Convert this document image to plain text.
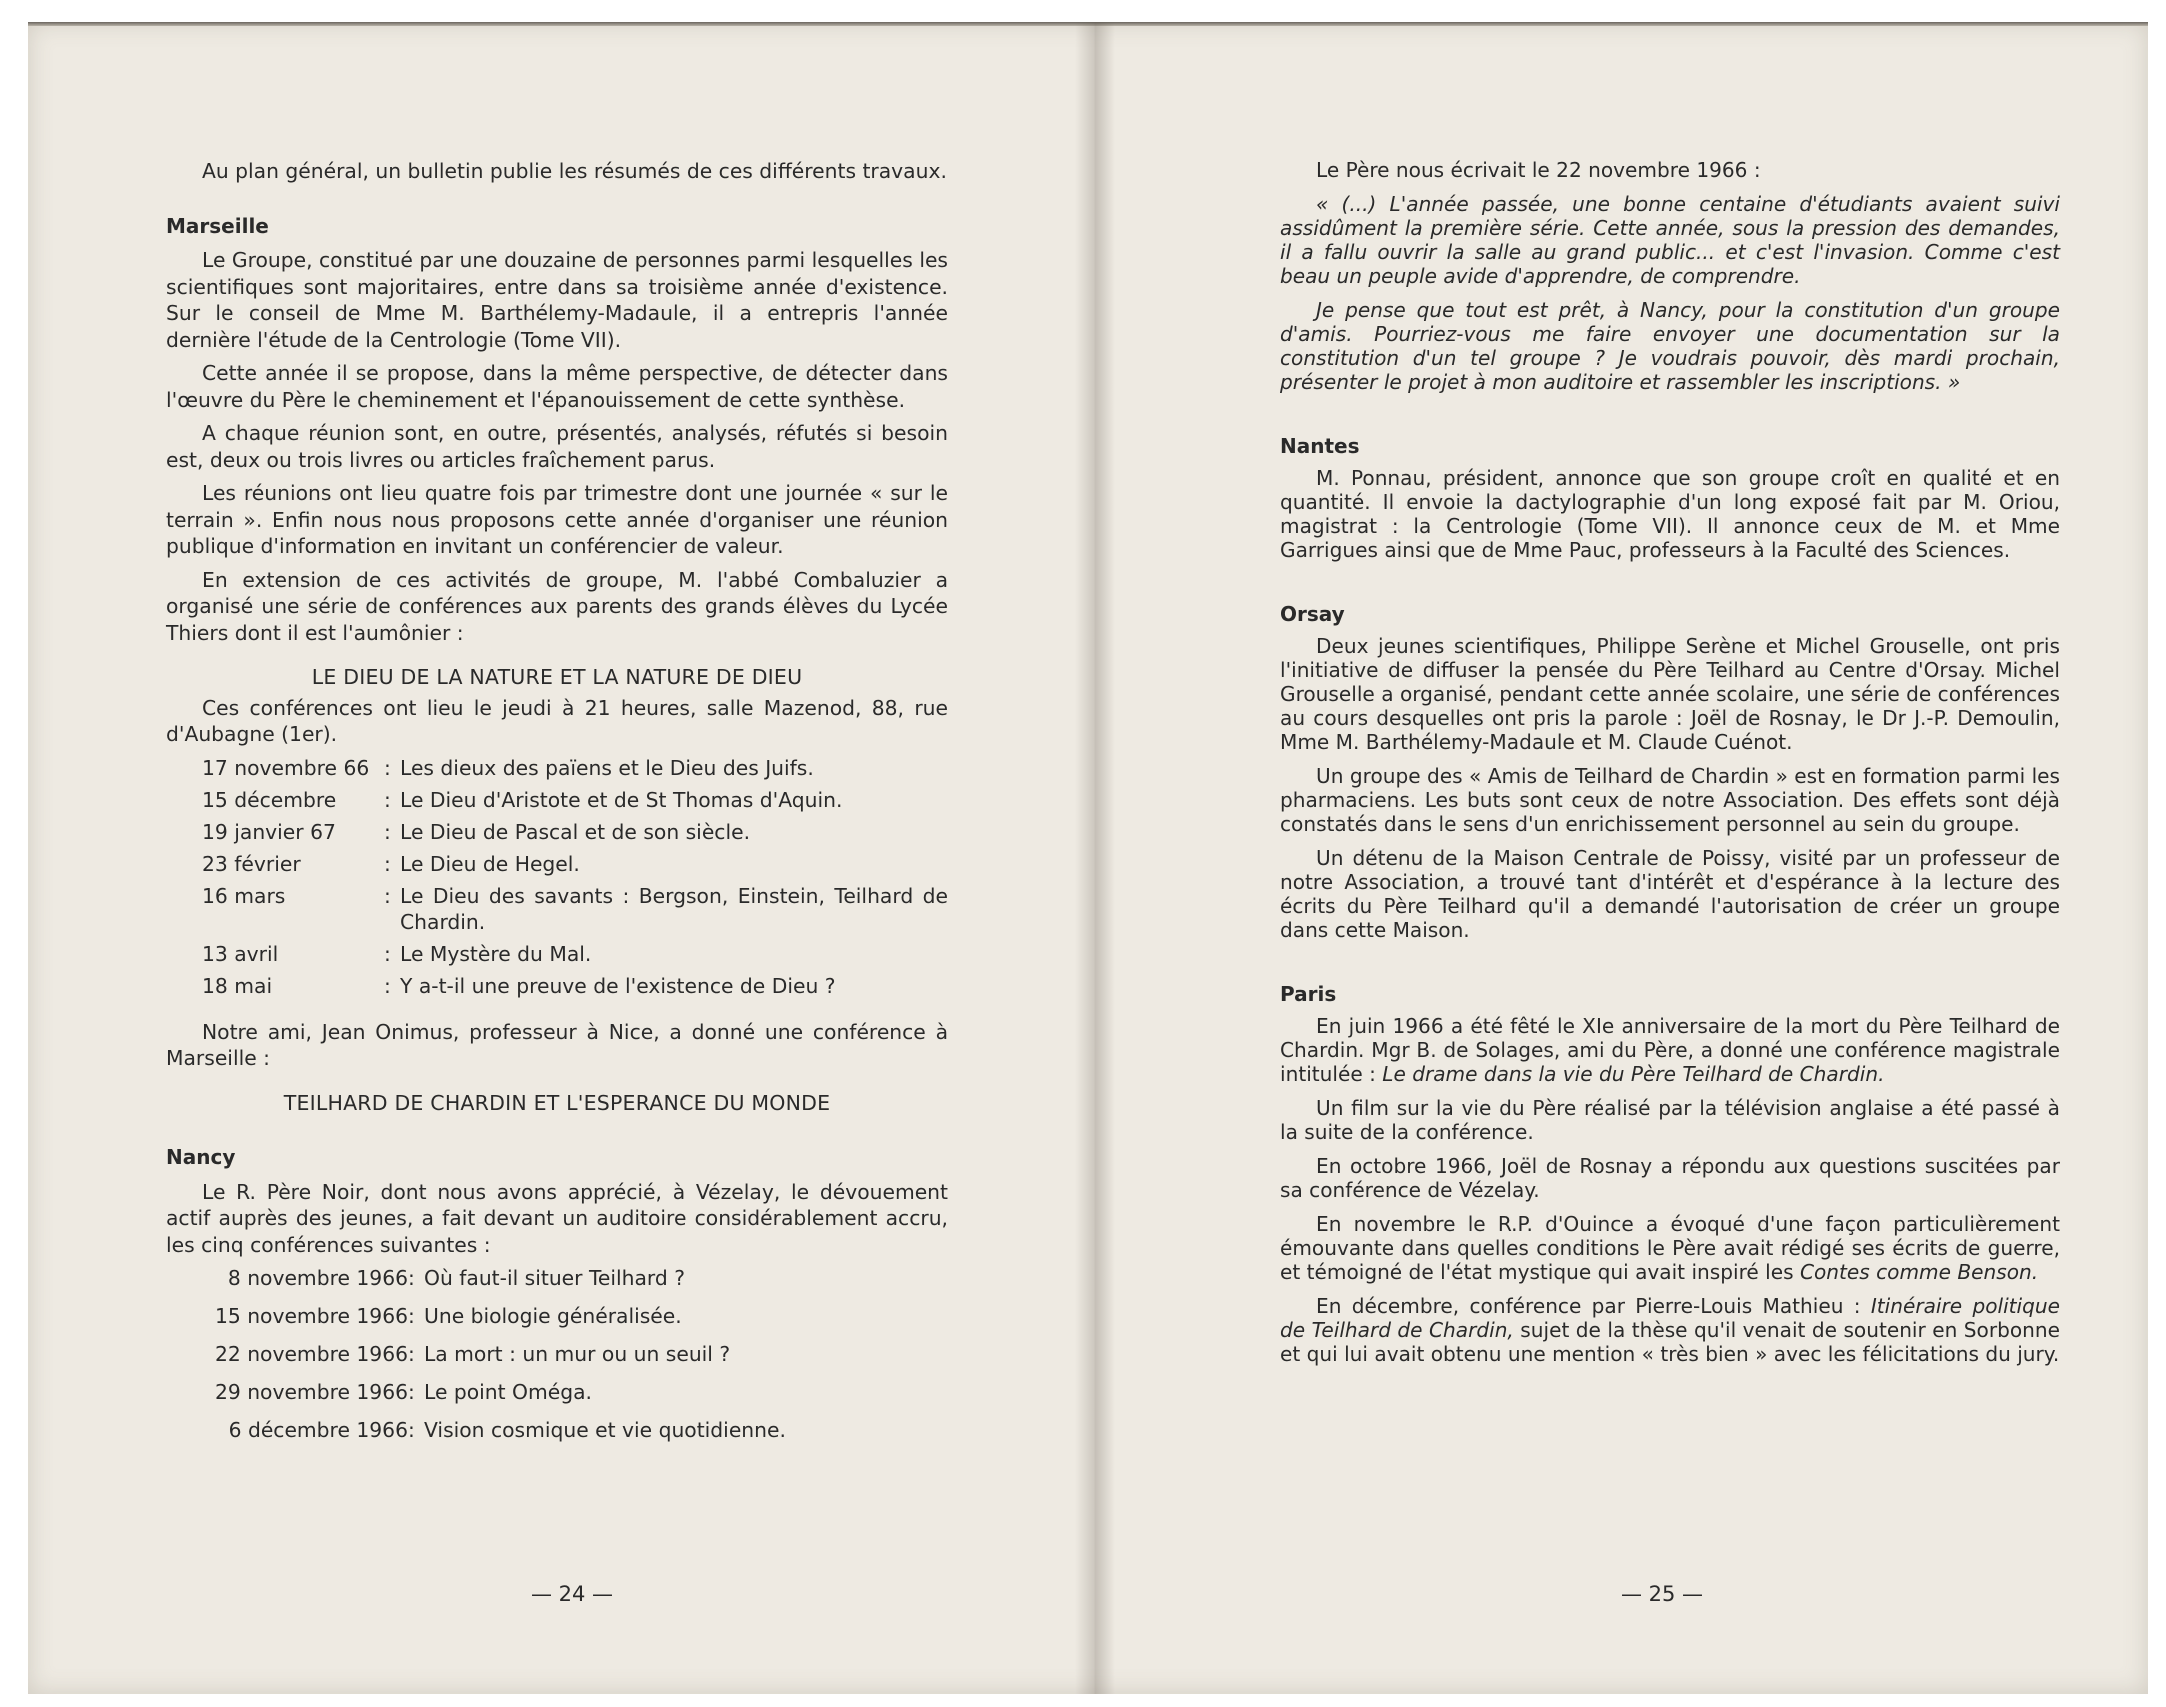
Au plan général, un bulletin publie les résumés de ces différents travaux.

Marseille

Le Groupe, constitué par une douzaine de personnes parmi lesquelles les scientifiques sont majoritaires, entre dans sa troisième année d'existence. Sur le conseil de Mme M. Barthélemy-Madaule, il a entrepris l'année dernière l'étude de la Centrologie (Tome VII).

Cette année il se propose, dans la même perspective, de détecter dans l'œuvre du Père le cheminement et l'épanouissement de cette synthèse.

A chaque réunion sont, en outre, présentés, analysés, réfutés si besoin est, deux ou trois livres ou articles fraîchement parus.

Les réunions ont lieu quatre fois par trimestre dont une journée « sur le terrain ». Enfin nous nous proposons cette année d'organiser une réunion publique d'information en invitant un conférencier de valeur.

En extension de ces activités de groupe, M. l'abbé Combaluzier a organisé une série de conférences aux parents des grands élèves du Lycée Thiers dont il est l'aumônier :

LE DIEU DE LA NATURE ET LA NATURE DE DIEU

Ces conférences ont lieu le jeudi à 21 heures, salle Mazenod, 88, rue d'Aubagne (1er).

17 novembre 66	:	Les dieux des païens et le Dieu des Juifs.
15 décembre	:	Le Dieu d'Aristote et de St Thomas d'Aquin.
19 janvier 67	:	Le Dieu de Pascal et de son siècle.
23 février	:	Le Dieu de Hegel.
16 mars	:	Le Dieu des savants : Bergson, Einstein, Teilhard de Chardin.
13 avril	:	Le Mystère du Mal.
18 mai	:	Y a-t-il une preuve de l'existence de Dieu ?

Notre ami, Jean Onimus, professeur à Nice, a donné une conférence à Marseille :

TEILHARD DE CHARDIN ET L'ESPERANCE DU MONDE
Nancy

Le R. Père Noir, dont nous avons apprécié, à Vézelay, le dévouement actif auprès des jeunes, a fait devant un auditoire considérablement accru, les cinq conférences suivantes :

8 novembre 1966	:	Où faut-il situer Teilhard ?
15 novembre 1966	:	Une biologie généralisée.
22 novembre 1966	:	La mort : un mur ou un seuil ?
29 novembre 1966	:	Le point Oméga.
6 décembre 1966	:	Vision cosmique et vie quotidienne.
— 24 —

Le Père nous écrivait le 22 novembre 1966 :

« (...) L'année passée, une bonne centaine d'étudiants avaient suivi assidûment la première série. Cette année, sous la pression des demandes, il a fallu ouvrir la salle au grand public... et c'est l'invasion. Comme c'est beau un peuple avide d'apprendre, de comprendre.

Je pense que tout est prêt, à Nancy, pour la constitution d'un groupe d'amis. Pourriez-vous me faire envoyer une documentation sur la constitution d'un tel groupe ? Je voudrais pouvoir, dès mardi prochain, présenter le projet à mon auditoire et rassembler les inscriptions. »

Nantes

M. Ponnau, président, annonce que son groupe croît en qualité et en quantité. Il envoie la dactylographie d'un long exposé fait par M. Oriou, magistrat : la Centrologie (Tome VII). Il annonce ceux de M. et Mme Garrigues ainsi que de Mme Pauc, professeurs à la Faculté des Sciences.

Orsay

Deux jeunes scientifiques, Philippe Serène et Michel Grouselle, ont pris l'initiative de diffuser la pensée du Père Teilhard au Centre d'Orsay. Michel Grouselle a organisé, pendant cette année scolaire, une série de conférences au cours desquelles ont pris la parole : Joël de Rosnay, le Dr J.-P. Demoulin, Mme M. Barthélemy-Madaule et M. Claude Cuénot.

Un groupe des « Amis de Teilhard de Chardin » est en formation parmi les pharmaciens. Les buts sont ceux de notre Association. Des effets sont déjà constatés dans le sens d'un enrichissement personnel au sein du groupe.

Un détenu de la Maison Centrale de Poissy, visité par un professeur de notre Association, a trouvé tant d'intérêt et d'espérance à la lecture des écrits du Père Teilhard qu'il a demandé l'autorisation de créer un groupe dans cette Maison.

Paris

En juin 1966 a été fêté le XIe anniversaire de la mort du Père Teilhard de Chardin. Mgr B. de Solages, ami du Père, a donné une conférence magistrale intitulée : Le drame dans la vie du Père Teilhard de Chardin.

Un film sur la vie du Père réalisé par la télévision anglaise a été passé à la suite de la conférence.

En octobre 1966, Joël de Rosnay a répondu aux questions suscitées par sa conférence de Vézelay.

En novembre le R.P. d'Ouince a évoqué d'une façon particulièrement émouvante dans quelles conditions le Père avait rédigé ses écrits de guerre, et témoigné de l'état mystique qui avait inspiré les Contes comme Benson.

En décembre, conférence par Pierre-Louis Mathieu : Itinéraire politique de Teilhard de Chardin, sujet de la thèse qu'il venait de soutenir en Sorbonne et qui lui avait obtenu une mention « très bien » avec les félicitations du jury.

— 25 —
